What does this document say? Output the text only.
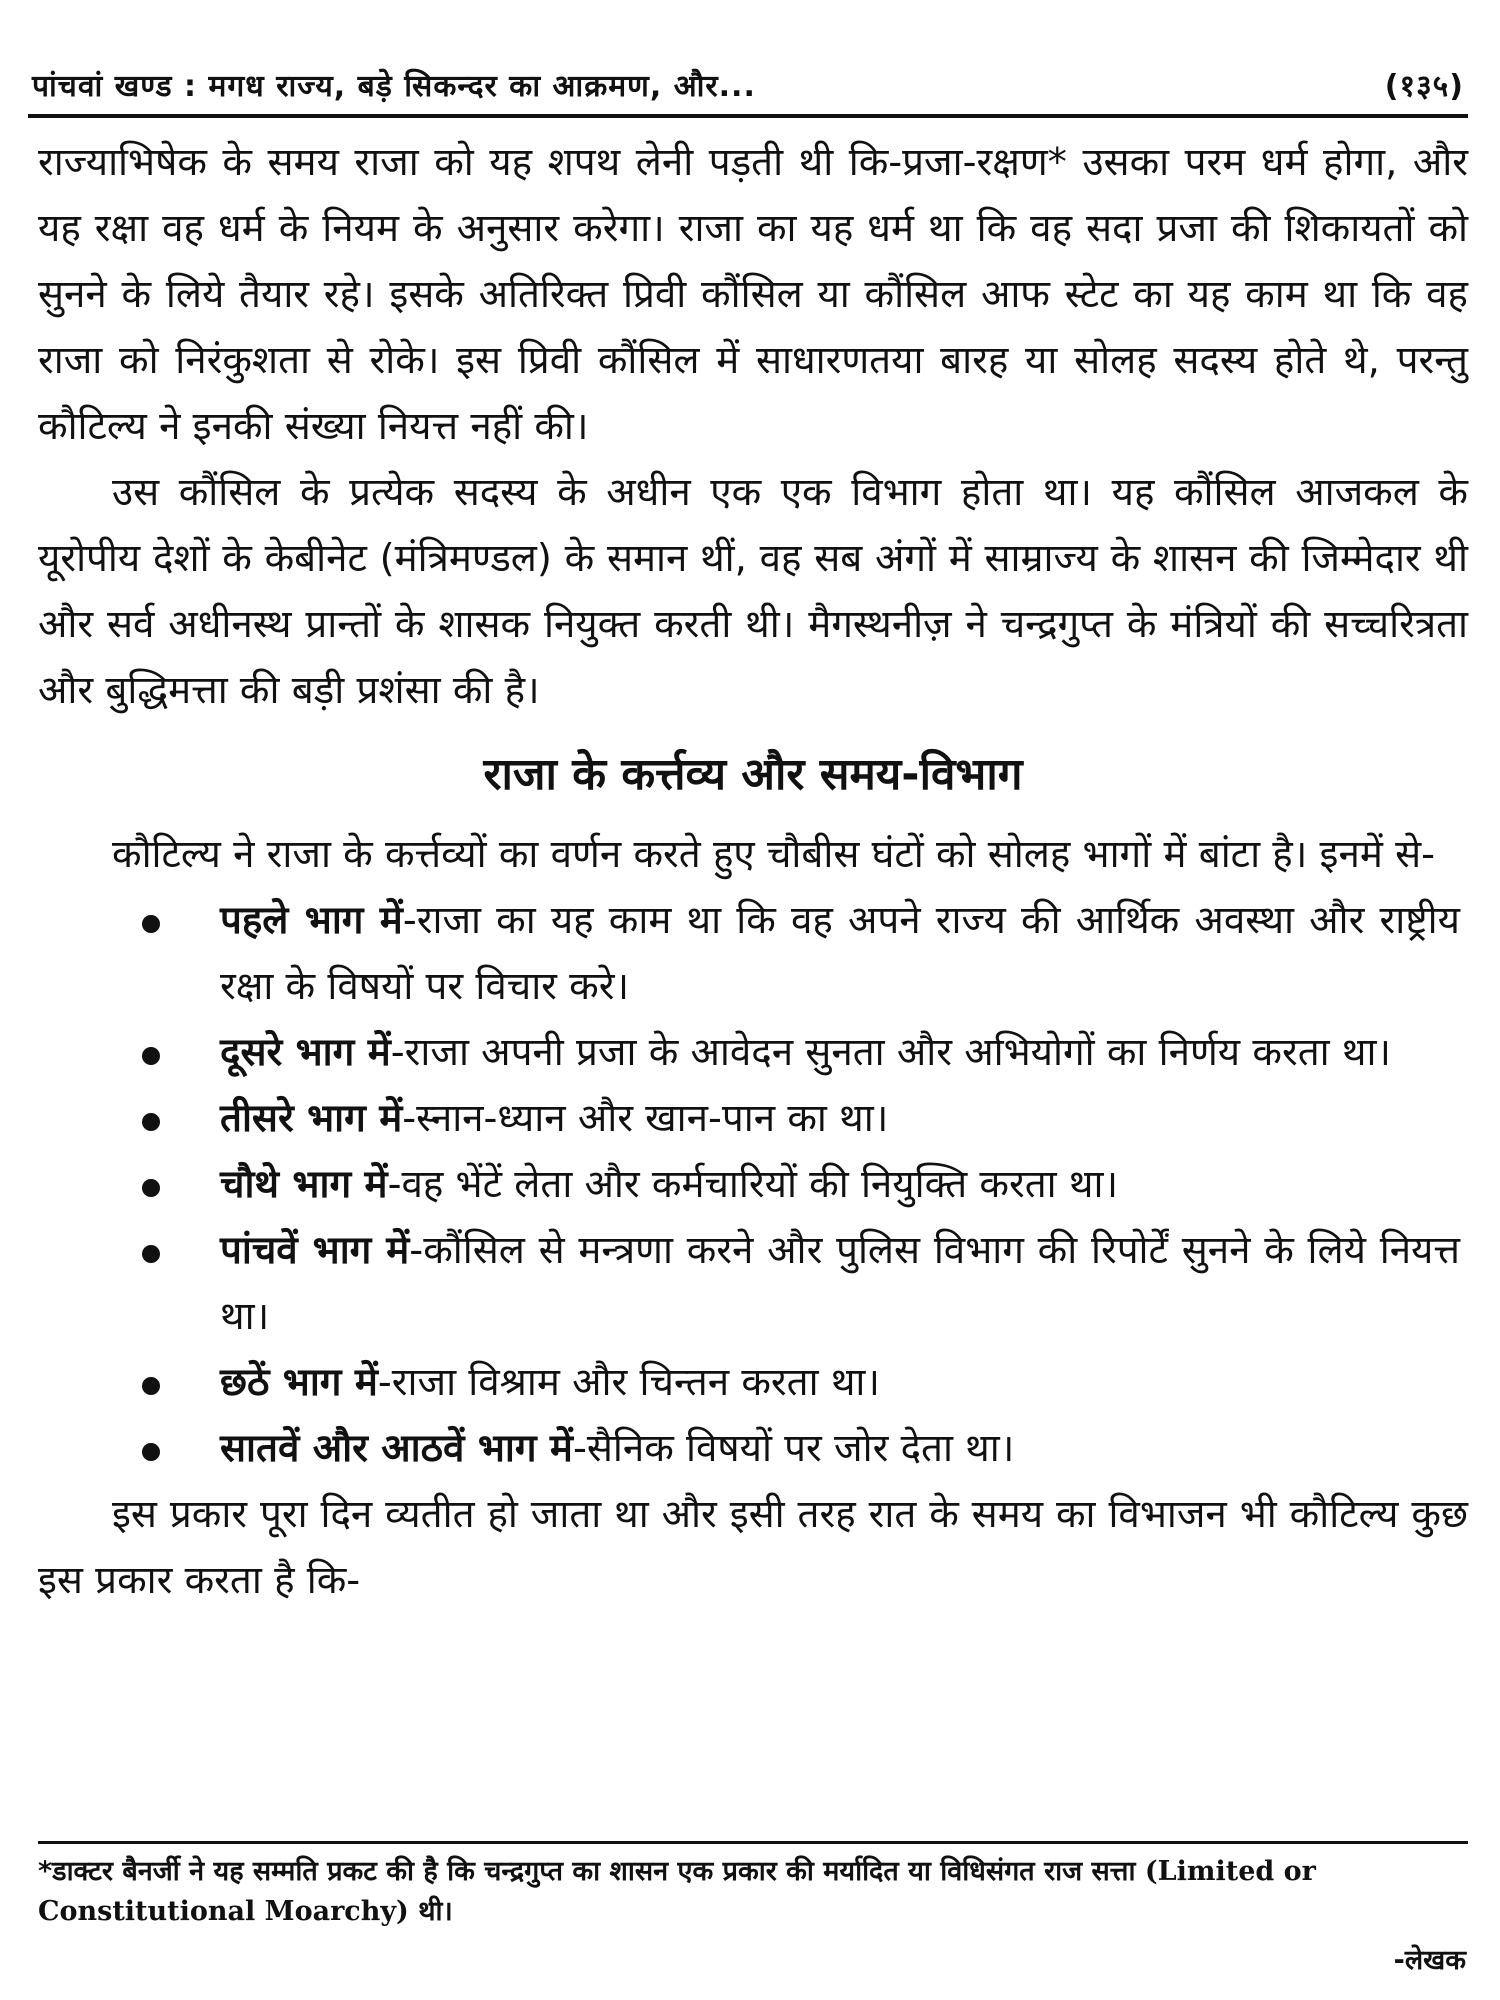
पांचवां खण्ड : मगध राज्य, बड़े सिकन्दर का आक्रमण, और...	(१३५)

राज्याभिषेक के समय राजा को यह शपथ लेनी पड़ती थी कि-प्रजा-रक्षण* उसका परम धर्म होगा, और यह रक्षा वह धर्म के नियम के अनुसार करेगा। राजा का यह धर्म था कि वह सदा प्रजा की शिकायतों को सुनने के लिये तैयार रहे। इसके अतिरिक्त प्रिवी कौंसिल या कौंसिल आफ स्टेट का यह काम था कि वह राजा को निरंकुशता से रोके। इस प्रिवी कौंसिल में साधारणतया बारह या सोलह सदस्य होते थे, परन्तु कौटिल्य ने इनकी संख्या नियत्त नहीं की।

उस कौंसिल के प्रत्येक सदस्य के अधीन एक एक विभाग होता था। यह कौंसिल आजकल के यूरोपीय देशों के केबीनेट (मंत्रिमण्डल) के समान थीं, वह सब अंगों में साम्राज्य के शासन की जिम्मेदार थी और सर्व अधीनस्थ प्रान्तों के शासक नियुक्त करती थी। मैगस्थनीज़ ने चन्द्रगुप्त के मंत्रियों की सच्चरित्रता और बुद्धिमत्ता की बड़ी प्रशंसा की है।

राजा के कर्त्तव्य और समय-विभाग

कौटिल्य ने राजा के कर्त्तव्यों का वर्णन करते हुए चौबीस घंटों को सोलह भागों में बांटा है। इनमें से-

पहले भाग में-राजा का यह काम था कि वह अपने राज्य की आर्थिक अवस्था और राष्ट्रीय रक्षा के विषयों पर विचार करे।
दूसरे भाग में-राजा अपनी प्रजा के आवेदन सुनता और अभियोगों का निर्णय करता था।
तीसरे भाग में-स्नान-ध्यान और खान-पान का था।
चौथे भाग में-वह भेंटें लेता और कर्मचारियों की नियुक्ति करता था।
पांचवें भाग में-कौंसिल से मन्त्रणा करने और पुलिस विभाग की रिपोर्टें सुनने के लिये नियत्त था।
छठें भाग में-राजा विश्राम और चिन्तन करता था।
सातवें और आठवें भाग में-सैनिक विषयों पर जोर देता था।

इस प्रकार पूरा दिन व्यतीत हो जाता था और इसी तरह रात के समय का विभाजन भी कौटिल्य कुछ इस प्रकार करता है कि-

*डाक्टर बैनर्जी ने यह सम्मति प्रकट की है कि चन्द्रगुप्त का शासन एक प्रकार की मर्यादित या विधिसंगत राज सत्ता (Limited or Constitutional Moarchy) थी।

-लेखक
